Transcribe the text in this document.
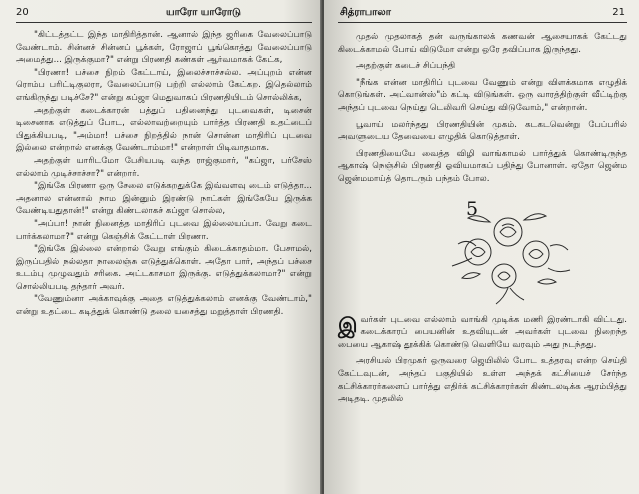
20	யாரோ யாரோடு

"கிட்டத்தட்ட இந்த மாதிரித்தான். ஆனால் இந்த ஜரிகை வேலைப்பாடு வேண்டாம். சின்னச் சின்னப் பூக்கள், ரோஜாப் பூங்கொத்து வேலைப்பாடு அமைத்து... இருக்குமா?" என்று பிரணதி கண்கள் ஆர்வமாகக் கேட்க,

"பிரணா! பச்சை நிறம் கேட்டாய், இலைச்சாச்சல்ல. அப்புறம் என்ன ரொம்ப பரிட்டிகுலரா, வேலைப்பாடு பற்றி எல்லாம் கேட்கற. இதெல்லாம் எங்கிருந்து படிச்சே?" என்று கப்ஜா மெதுவாகப் பிரணதியிடம் சொல்லிக்க,

அதற்குள் கடைக்காரன் பத்துப் பதினைந்து புடவைகள், டிசைன் டிசைனாக எடுத்துப் போட, எல்லாவற்றையும் பார்த்த பிரணதி உதட்டைப் பிதுக்கியபடி, "அம்மா! பச்சை நிறத்தில் நான் சொன்ன மாதிரிப் புடவை இல்லை என்றால் எனக்கு வேண்டாம்மா!" என்றாள் பிடிவாதமாக.

அதற்குள் யாரிடமோ பேசியபடி வந்த ராஜ்குமார், "கப்ஜா, பர்சேஸ் எல்லாம் முடிச்சாச்சா?" என்றார்.

"இங்கே பிரணா ஒரு சேலை எடுக்கறதுக்கே இவ்வளவு டைம் எடுத்தா... அதனால என்னால் நாம இன்னும் இரண்டு நாட்கள் இங்கேயே இருக்க வேண்டியதுதான்!" என்று கிண்டலாகச் கப்ஜா சொல்ல,

"அப்பா! நான் நினைத்த மாதிரிப் புடவை இல்லையப்பா. வேறு கடை பார்க்கலாமா?" என்று கெஞ்சிக் கேட்டாள் பிரணா.

"இங்கே இல்லை என்றால் வேறு எங்கும் கிடைக்காதம்மா. பேசாமல், இருப்பதில் நல்லதா நாலைஞ்சு எடுத்துக்கொள். அதோ பார், அந்தப் பச்சை உடம்பு முழுவதும் சரிகை. அட்டகாசமா இருக்கு. எடுத்துக்கலாமா?" என்று சொல்லியபடி தந்தார் அவர்.

"வேணும்னா அக்காவுக்கு அதை எடுத்துக்கலாம் எனக்கு வேண்டாம்," என்று உதட்டை கடித்துக் கொண்டு தலை யசைத்து மறுத்தாள் பிரணதி.

சித்ராபாலா	21

முதல் முதலாகத் தன் வருங்காலக் கணவன் ஆசையாகக் கேட்டது கிடைக்காமல் போய் விடுமோ என்று ஒரே தவிப்பாக இருந்தது.

அதற்குள் கடைச் சிப்பந்தி

"நீங்க என்ன மாதிரிப் புடவை வேணும் என்று விளக்கமாக எழுதிக் கொடுங்கள். அட்வான்ஸ்"ம் கட்டி விடுங்கள். ஒரு வாரத்திற்குள் வீட்டிற்கு அந்தப் புடவை நெய்து டெலிவரி செய்து விடுவோம்," என்றான்.

பூவாய் மலர்ந்தது பிரணதியின் முகம். கடகடவென்று பேப்பரில் அவளுடைய தேவையை எழுதிக் கொடுத்தாள்.

பிரணதியையே வைத்த விழி வாங்காமல் பார்த்துக் கொண்டிருந்த ஆகாஷ் நெஞ்சில் பிரணதி ஓவியமாகப் பதிந்து போனாள். ஏதோ ஜென்ம ஜென்மமாய்த் தொடரும் பந்தம் போல.

5

இவர்கள் புடவை எல்லாம் வாங்கி முடிக்க மணி இரண்டாகி விட்டது. கடைக்காரப் பையனின் உதவியுடன் அவர்கள் புடவை நிறைந்த பையை ஆகாஷ் தூக்கிக் கொண்டு வெளியே வரவும் அது நடந்தது.

அரசியல் பிரமுகர் ஒருவரை ஜெயிலில் போட உத்தரவு என்ற செய்தி கேட்டவுடன், அந்தப் பகுதியில் உள்ள அந்தக் கட்சியைச் சேர்ந்த கட்சிக்காரர்களைப் பார்த்து எதிர்க் கட்சிக்காரர்கள் கிண்டலடிக்க ஆரம்பித்து அடிதடி. முதலில்
